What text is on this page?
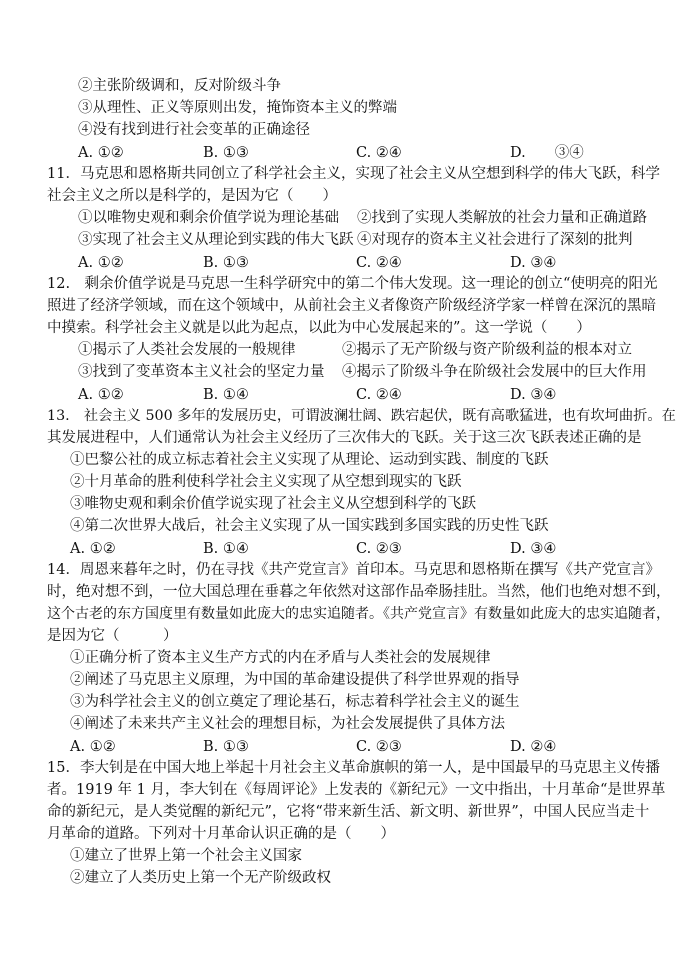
②主张阶级调和，反对阶级斗争
③从理性、正义等原则出发，掩饰资本主义的弊端
④没有找到进行社会变革的正确途径
A. ①②	B. ①③	C. ②④	D.　　③④
11．马克思和恩格斯共同创立了科学社会主义，实现了社会主义从空想到科学的伟大飞跃，科学
社会主义之所以是科学的，是因为它（　　）
①以唯物史观和剩余价值学说为理论基础 ②找到了实现人类解放的社会力量和正确道路
③实现了社会主义从理论到实践的伟大飞跃 ④对现存的资本主义社会进行了深刻的批判
A. ①②	B. ①③	C. ②④	D. ③④
12.　剩余价值学说是马克思一生科学研究中的第二个伟大发现。这一理论的创立“使明亮的阳光
照进了经济学领域，而在这个领域中，从前社会主义者像资产阶级经济学家一样曾在深沉的黑暗
中摸索。科学社会主义就是以此为起点，以此为中心发展起来的”。这一学说（　　）
①揭示了人类社会发展的一般规律	②揭示了无产阶级与资产阶级利益的根本对立
③找到了变革资本主义社会的坚定力量 ④揭示了阶级斗争在阶级社会发展中的巨大作用
A. ①②	B. ①④	C. ②④	D. ③④
13.　社会主义 500 多年的发展历史，可谓波澜壮阔、跌宕起伏，既有高歌猛进，也有坎坷曲折。在
其发展进程中，人们通常认为社会主义经历了三次伟大的飞跃。关于这三次飞跃表述正确的是
①巴黎公社的成立标志着社会主义实现了从理论、运动到实践、制度的飞跃
②十月革命的胜利使科学社会主义实现了从空想到现实的飞跃
③唯物史观和剩余价值学说实现了社会主义从空想到科学的飞跃
④第二次世界大战后，社会主义实现了从一国实践到多国实践的历史性飞跃
A. ①②	B. ①④	C. ②③	D. ③④
14．周恩来暮年之时，仍在寻找《共产党宣言》首印本。马克思和恩格斯在撰写《共产党宣言》
时，绝对想不到，一位大国总理在垂暮之年依然对这部作品牵肠挂肚。当然，他们也绝对想不到，
这个古老的东方国度里有数量如此庞大的忠实追随者。《共产党宣言》有数量如此庞大的忠实追随者，
是因为它（　　　）
①正确分析了资本主义生产方式的内在矛盾与人类社会的发展规律
②阐述了马克思主义原理，为中国的革命建设提供了科学世界观的指导
③为科学社会主义的创立奠定了理论基石，标志着科学社会主义的诞生
④阐述了未来共产主义社会的理想目标，为社会发展提供了具体方法
A. ①②	B. ①③	C. ②③	D. ②④
15．李大钊是在中国大地上举起十月社会主义革命旗帜的第一人，是中国最早的马克思主义传播
者。1919 年 1 月，李大钊在《每周评论》上发表的《新纪元》一文中指出，十月革命“是世界革
命的新纪元，是人类觉醒的新纪元”，它将“带来新生活、新文明、新世界”，中国人民应当走十
月革命的道路。下列对十月革命认识正确的是（　　）
①建立了世界上第一个社会主义国家
②建立了人类历史上第一个无产阶级政权
